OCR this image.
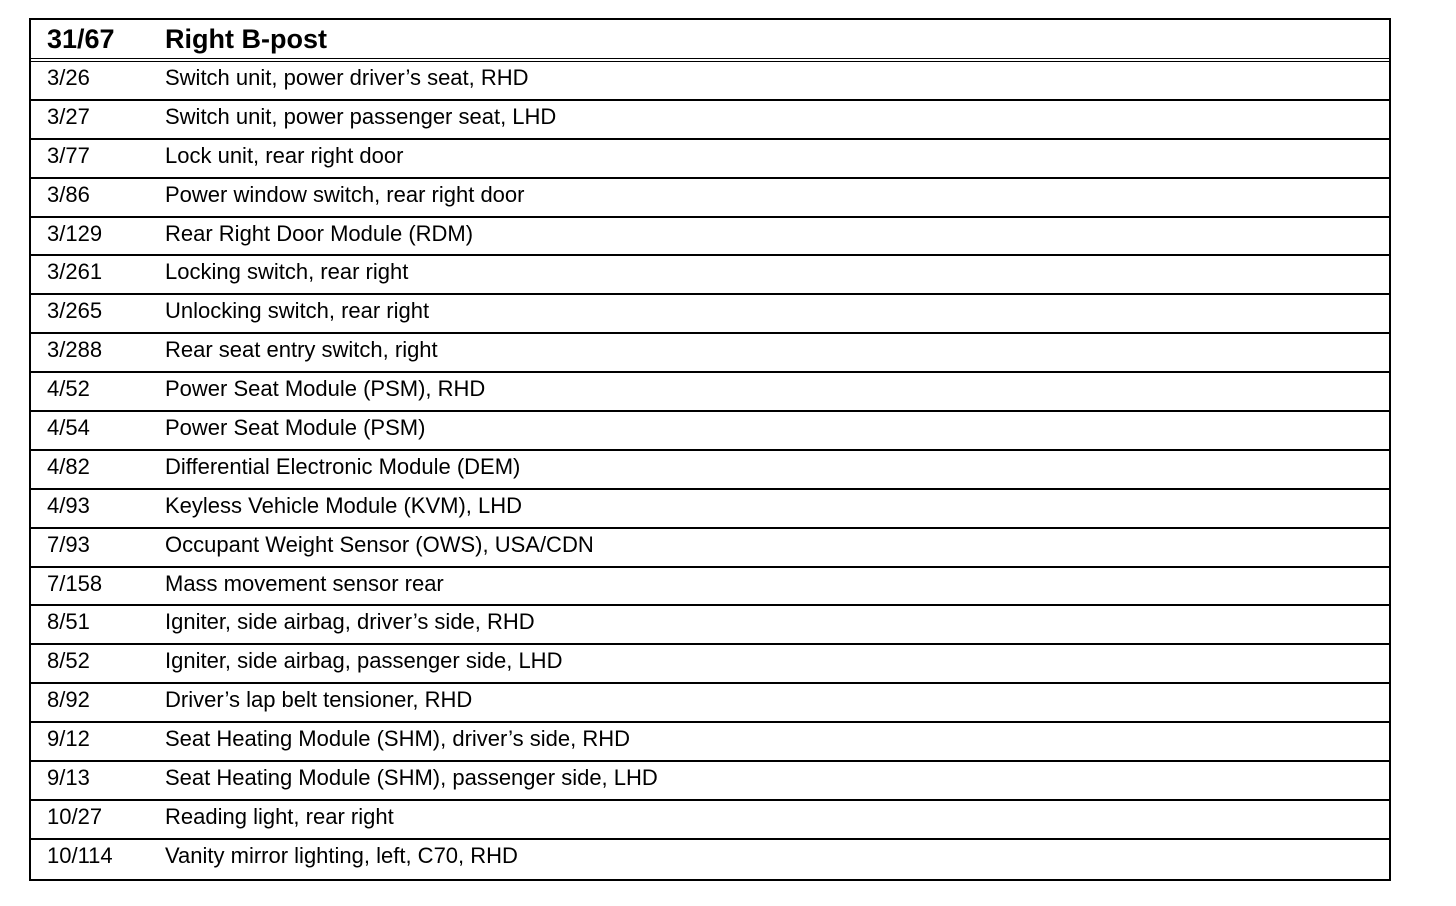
31/67 Right B-post
3/26	Switch unit, power driver’s seat, RHD
3/27	Switch unit, power passenger seat, LHD
3/77	Lock unit, rear right door
3/86	Power window switch, rear right door
3/129	Rear Right Door Module (RDM)
3/261	Locking switch, rear right
3/265	Unlocking switch, rear right
3/288	Rear seat entry switch, right
4/52	Power Seat Module (PSM), RHD
4/54	Power Seat Module (PSM)
4/82	Differential Electronic Module (DEM)
4/93	Keyless Vehicle Module (KVM), LHD
7/93	Occupant Weight Sensor (OWS), USA/CDN
7/158	Mass movement sensor rear
8/51	Igniter, side airbag, driver’s side, RHD
8/52	Igniter, side airbag, passenger side, LHD
8/92	Driver’s lap belt tensioner, RHD
9/12	Seat Heating Module (SHM), driver’s side, RHD
9/13	Seat Heating Module (SHM), passenger side, LHD
10/27	Reading light, rear right
10/114 Vanity mirror lighting, left, C70, RHD
